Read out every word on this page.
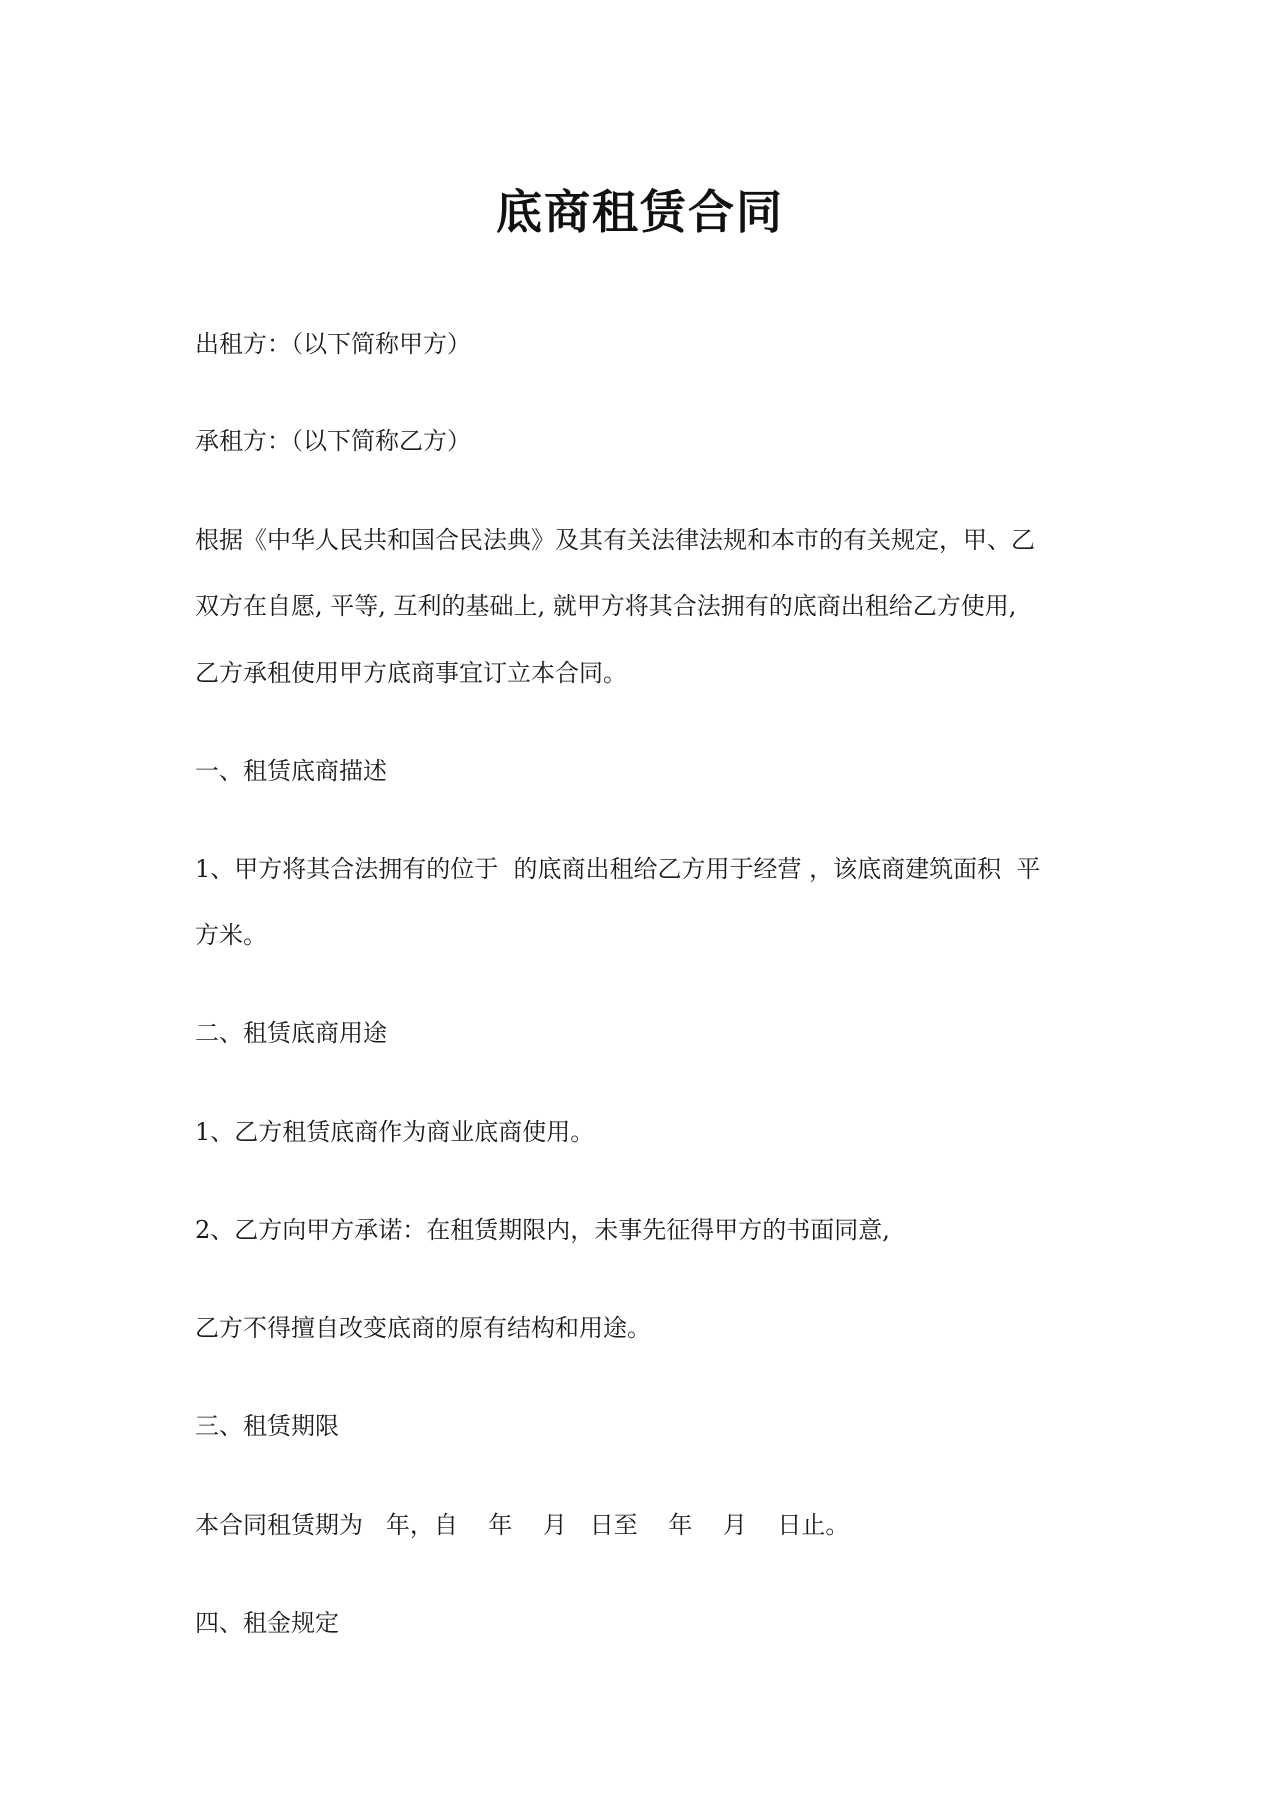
底商租赁合同

出租方：（以下简称甲方）

承租方：（以下简称乙方）

根据《中华人民共和国合民法典》及其有关法律法规和本市的有关规定，甲、乙

双方在自愿, 平等, 互利的基础上, 就甲方将其合法拥有的底商出租给乙方使用,

乙方承租使用甲方底商事宜订立本合同。

一、租赁底商描述

1、甲方将其合法拥有的位于  的底商出租给乙方用于经营 ，该底商建筑面积  平

方米。

二、租赁底商用途

1、乙方租赁底商作为商业底商使用。

2、乙方向甲方承诺：在租赁期限内，未事先征得甲方的书面同意,

乙方不得擅自改变底商的原有结构和用途。

三、租赁期限

本合同租赁期为   年，自    年    月   日至    年    月    日止。

四、租金规定
